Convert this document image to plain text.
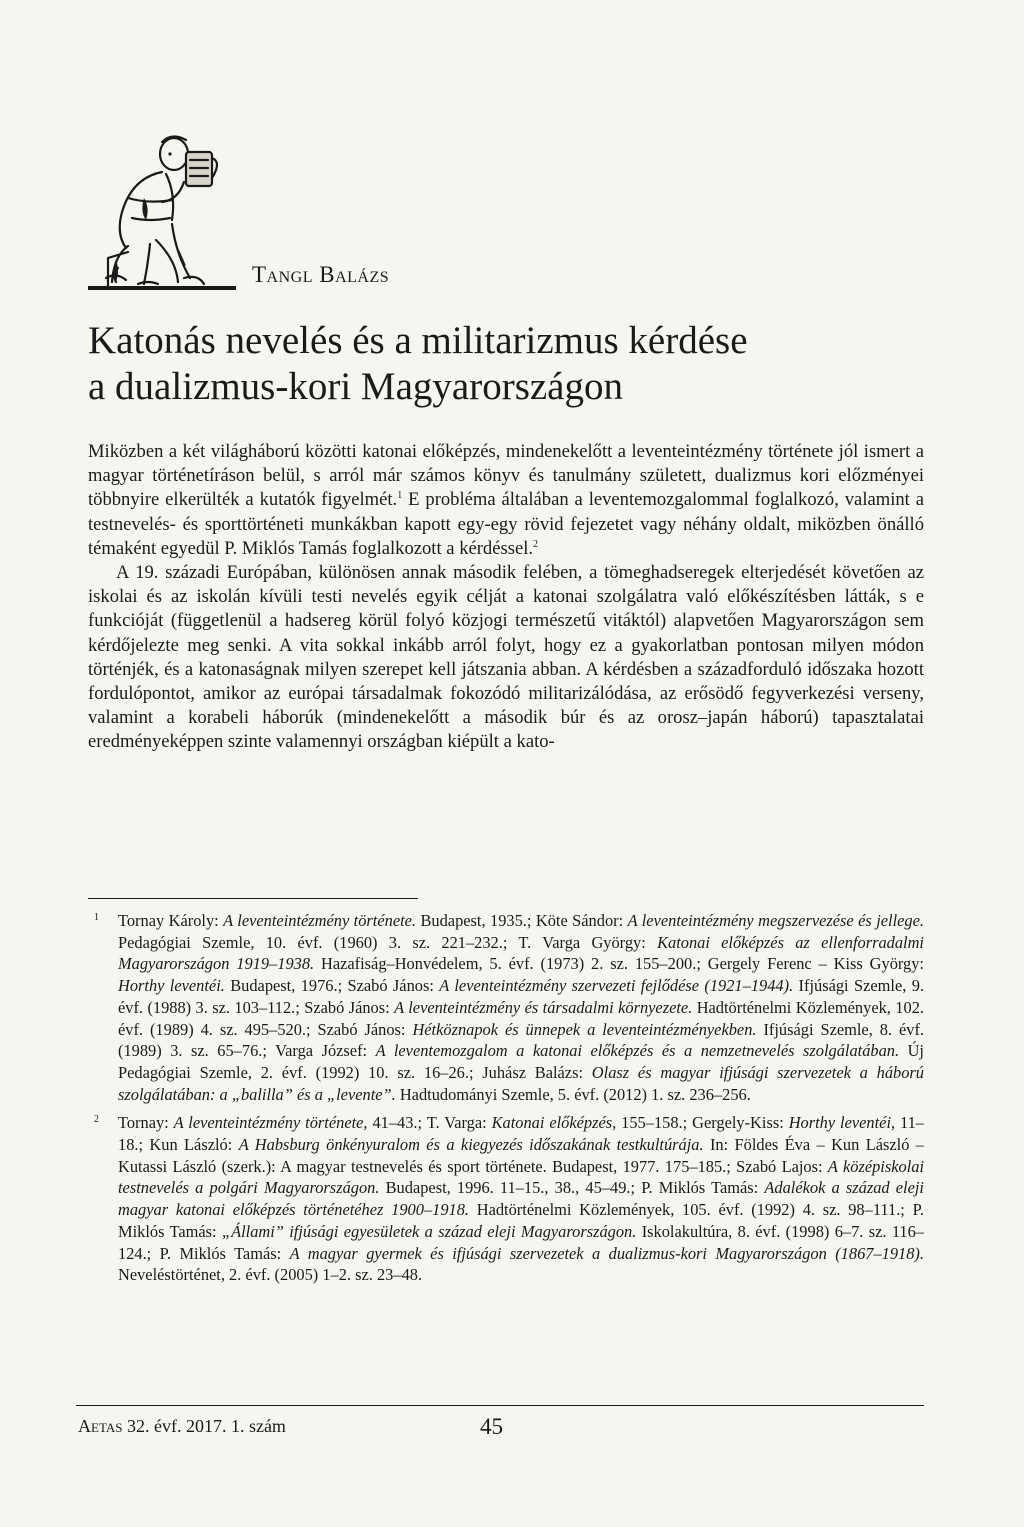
Tangl Balázs
Katonás nevelés és a militarizmus kérdése
a dualizmus-kori Magyarországon

Miközben a két világháború közötti katonai előképzés, mindenekelőtt a leventeintézmény története jól ismert a magyar történetíráson belül, s arról már számos könyv és tanulmány született, dualizmus kori előzményei többnyire elkerülték a kutatók figyelmét.$^1$ E probléma általában a leventemozgalommal foglalkozó, valamint a testnevelés- és sporttörténeti munkákban kapott egy-egy rövid fejezetet vagy néhány oldalt, miközben önálló témaként egyedül P. Miklós Tamás foglalkozott a kérdéssel.$^2$

A 19. századi Európában, különösen annak második felében, a tömeghadseregek elterjedését követően az iskolai és az iskolán kívüli testi nevelés egyik célját a katonai szolgálatra való előkészítésben látták, s e funkcióját (függetlenül a hadsereg körül folyó közjogi természetű vitáktól) alapvetően Magyarországon sem kérdőjelezte meg senki. A vita sokkal inkább arról folyt, hogy ez a gyakorlatban pontosan milyen módon történjék, és a katonaságnak milyen szerepet kell játszania abban. A kérdésben a századforduló időszaka hozott fordulópontot, amikor az európai társadalmak fokozódó militarizálódása, az erősödő fegyverkezési verseny, valamint a korabeli háborúk (mindenekelőtt a második búr és az orosz–japán háború) tapasztalatai eredményeképpen szinte valamennyi országban kiépült a kato-

1 Tornay Károly: A leventeintézmény története. Budapest, 1935.; Köte Sándor: A leventeintézmény megszervezése és jellege. Pedagógiai Szemle, 10. évf. (1960) 3. sz. 221–232.; T. Varga György: Katonai előképzés az ellenforradalmi Magyarországon 1919–1938. Hazafiság–Honvédelem, 5. évf. (1973) 2. sz. 155–200.; Gergely Ferenc – Kiss György: Horthy leventéi. Budapest, 1976.; Szabó János: A leventeintézmény szervezeti fejlődése (1921–1944). Ifjúsági Szemle, 9. évf. (1988) 3. sz. 103–112.; Szabó János: A leventeintézmény és társadalmi környezete. Hadtörténelmi Közlemények, 102. évf. (1989) 4. sz. 495–520.; Szabó János: Hétköznapok és ünnepek a leventeintézményekben. Ifjúsági Szemle, 8. évf. (1989) 3. sz. 65–76.; Varga József: A leventemozgalom a katonai előképzés és a nemzetnevelés szolgálatában. Új Pedagógiai Szemle, 2. évf. (1992) 10. sz. 16–26.; Juhász Balázs: Olasz és magyar ifjúsági szervezetek a háború szolgálatában: a „balilla” és a „levente”. Hadtudományi Szemle, 5. évf. (2012) 1. sz. 236–256.

2 Tornay: A leventeintézmény története, 41–43.; T. Varga: Katonai előképzés, 155–158.; Gergely-Kiss: Horthy leventéi, 11–18.; Kun László: A Habsburg önkényuralom és a kiegyezés időszakának testkultúrája. In: Földes Éva – Kun László – Kutassi László (szerk.): A magyar testnevelés és sport története. Budapest, 1977. 175–185.; Szabó Lajos: A középiskolai testnevelés a polgári Magyarországon. Budapest, 1996. 11–15., 38., 45–49.; P. Miklós Tamás: Adalékok a század eleji magyar katonai előképzés történetéhez 1900–1918. Hadtörténelmi Közlemények, 105. évf. (1992) 4. sz. 98–111.; P. Miklós Tamás: „Állami” ifjúsági egyesületek a század eleji Magyarországon. Iskolakultúra, 8. évf. (1998) 6–7. sz. 116–124.; P. Miklós Tamás: A magyar gyermek és ifjúsági szervezetek a dualizmus-kori Magyarországon (1867–1918). Neveléstörténet, 2. évf. (2005) 1–2. sz. 23–48.

Aetas 32. évf. 2017. 1. szám	45
